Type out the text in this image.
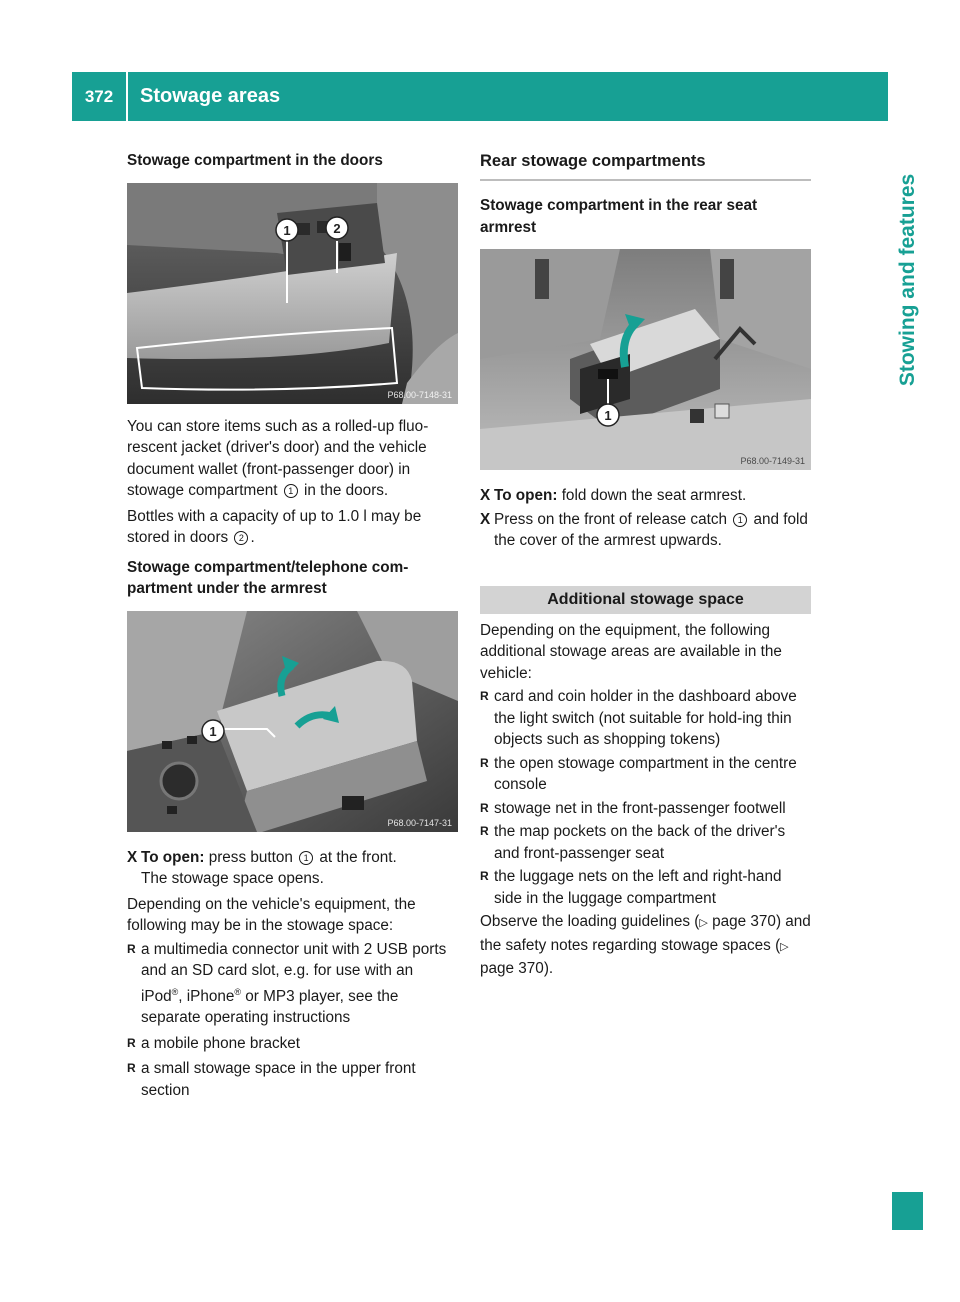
372	Stowage areas
Stowing and features
Stowage compartment in the doors
1	2
P68.00-7148-31
You can store items such as a rolled-up fluo-rescent jacket (driver's door) and the vehicle document wallet (front-passenger door) in stowage compartment 1 in the doors.
Bottles with a capacity of up to 1.0 l may be stored in doors 2 .
Stowage compartment/telephone com-partment under the armrest
1
P68.00-7147-31
X To open: press button 1 at the front.
The stowage space opens.
Depending on the vehicle's equipment, the following may be in the stowage space:
R a multimedia connector unit with 2 USB ports and an SD card slot, e.g. for use with an iPod®, iPhone® or MP3 player, see the separate operating instructions
R a mobile phone bracket
R a small stowage space in the upper front section
Rear stowage compartments
Stowage compartment in the rear seat armrest
1
P68.00-7149-31
X To open: fold down the seat armrest.
X Press on the front of release catch 1 and fold the cover of the armrest upwards.
Additional stowage space
Depending on the equipment, the following additional stowage areas are available in the vehicle:
R card and coin holder in the dashboard above the light switch (not suitable for hold-ing thin objects such as shopping tokens)
R the open stowage compartment in the centre console
R stowage net in the front-passenger footwell
R the map pockets on the back of the driver's and front-passenger seat
R the luggage nets on the left and right-hand side in the luggage compartment
Observe the loading guidelines (▷ page 370) and the safety notes regarding stowage spaces (▷ page 370).
